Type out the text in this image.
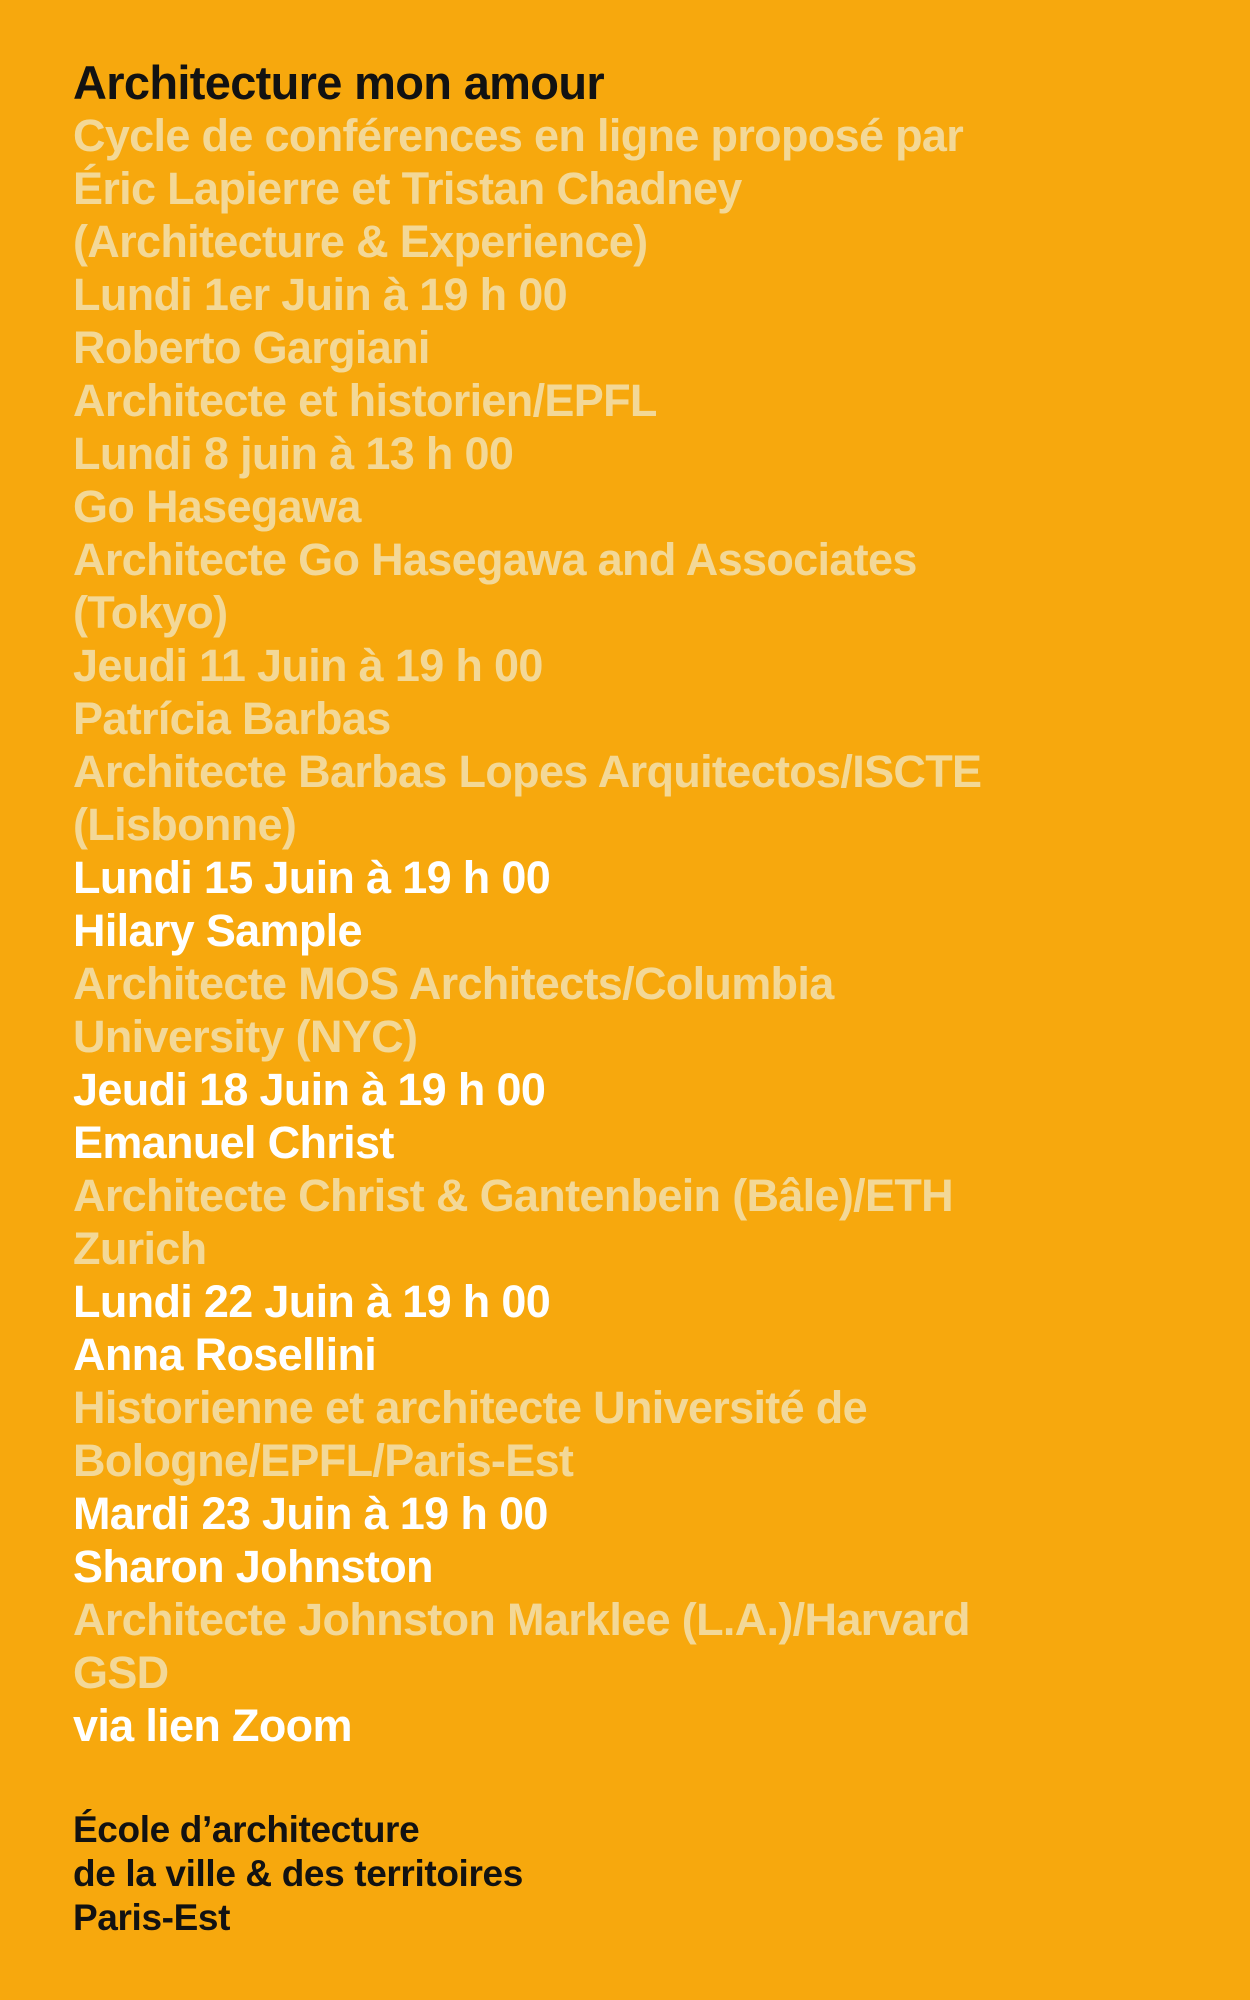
Architecture mon amour
Cycle de conférences en ligne proposé par
Éric Lapierre et Tristan Chadney
(Architecture & Experience)
Lundi 1er Juin à 19 h 00
Roberto Gargiani
Architecte et historien/EPFL
Lundi 8 juin à 13 h 00
Go Hasegawa
Architecte Go Hasegawa and Associates
(Tokyo)
Jeudi 11 Juin à 19 h 00
Patrícia Barbas
Architecte Barbas Lopes Arquitectos/ISCTE
(Lisbonne)
Lundi 15 Juin à 19 h 00
Hilary Sample
Architecte MOS Architects/Columbia
University (NYC)
Jeudi 18 Juin à 19 h 00
Emanuel Christ
Architecte Christ & Gantenbein (Bâle)/ETH
Zurich
Lundi 22 Juin à 19 h 00
Anna Rosellini
Historienne et architecte Université de
Bologne/EPFL/Paris-Est
Mardi 23 Juin à 19 h 00
Sharon Johnston
Architecte Johnston Marklee (L.A.)/Harvard
GSD
via lien Zoom
École d’architecture
de la ville & des territoires
Paris-Est
